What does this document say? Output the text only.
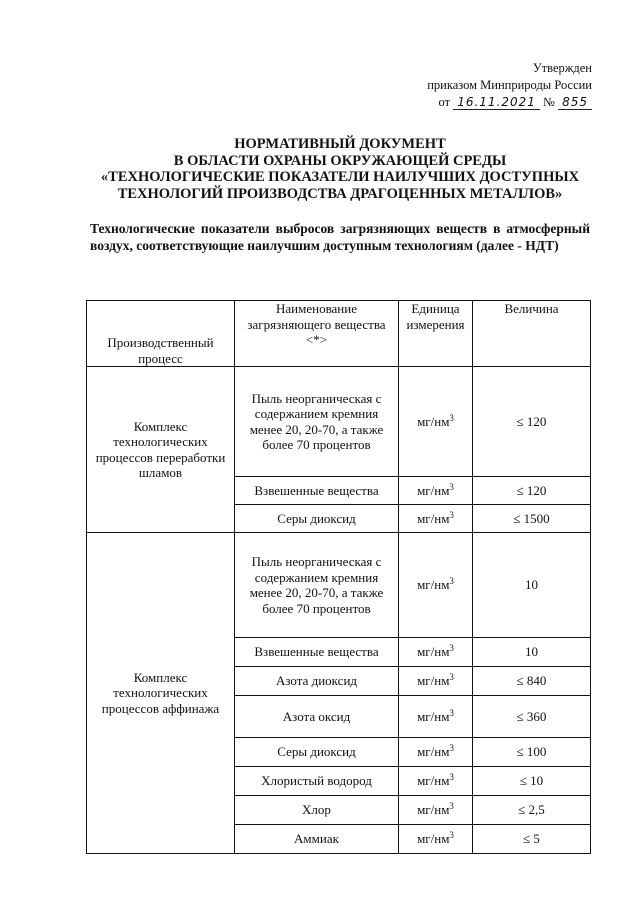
Утвержден
приказом Минприроды России
от 16.11.2021 № 855
НОРМАТИВНЫЙ ДОКУМЕНТ
В ОБЛАСТИ ОХРАНЫ ОКРУЖАЮЩЕЙ СРЕДЫ
«ТЕХНОЛОГИЧЕСКИЕ ПОКАЗАТЕЛИ НАИЛУЧШИХ ДОСТУПНЫХ
ТЕХНОЛОГИЙ ПРОИЗВОДСТВА ДРАГОЦЕННЫХ МЕТАЛЛОВ»
Технологические показатели выбросов загрязняющих веществ в атмосферный воздух, соответствующие наилучшим доступным технологиям (далее - НДТ)
Производственный процесс	Наименование загрязняющего вещества <*>	Единица измерения	Величина
Комплекс технологических процессов переработки шламов	Пыль неорганическая с содержанием кремния менее 20, 20-70, а также более 70 процентов	$мг/нм^3$	≤ 120
	Взвешенные вещества	$мг/нм^3$	≤ 120
	Серы диоксид	$мг/нм^3$	≤ 1500
Комплекс технологических процессов аффинажа	Пыль неорганическая с содержанием кремния менее 20, 20-70, а также более 70 процентов	$мг/нм^3$	10
	Взвешенные вещества	$мг/нм^3$	10
	Азота диоксид	$мг/нм^3$	≤ 840
	Азота оксид	$мг/нм^3$	≤ 360
	Серы диоксид	$мг/нм^3$	≤ 100
	Хлористый водород	$мг/нм^3$	≤ 10
	Хлор	$мг/нм^3$	≤ 2,5
	Аммиак	$мг/нм^3$	≤ 5
